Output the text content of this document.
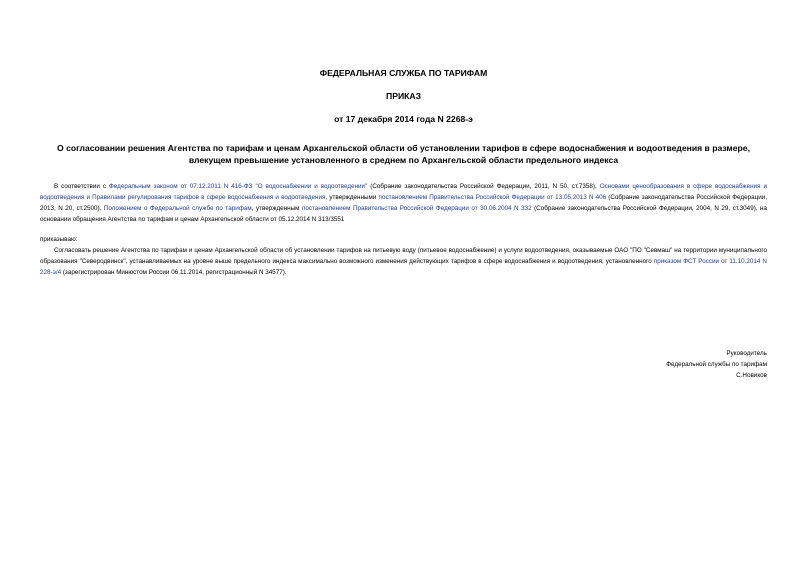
ФЕДЕРАЛЬНАЯ СЛУЖБА ПО ТАРИФАМ
ПРИКАЗ
от 17 декабря 2014 года N 2268-э
О согласовании решения Агентства по тарифам и ценам Архангельской области об установлении тарифов в сфере водоснабжения и водоотведения в размере,
влекущем превышение установленного в среднем по Архангельской области предельного индекса
В соответствии с Федеральным законом от 07.12.2011 N 416-ФЗ "О водоснабжении и водоотведении" (Собрание законодательства Российской Федерации, 2011, N 50, ст.7358), Основами ценообразования в сфере водоснабжения и водоотведения и Правилами регулирования тарифов в сфере водоснабжения и водоотведения, утвержденными постановлением Правительства Российской Федерации от 13.05.2013 N 406 (Собрание законодательства Российской Федерации, 2013, N 20, ст.2500), Положением о Федеральной службе по тарифам, утвержденным постановлением Правительства Российской Федерации от 30.06.2004 N 332 (Собрание законодательства Российской Федерации, 2004, N 29, ст.3049), на основании обращения Агентства по тарифам и ценам Архангельской области от 05.12.2014 N 313/3551
приказываю:
Согласовать решение Агентства по тарифам и ценам Архангельской области об установлении тарифов на питьевую воду (питьевое водоснабжение) и услуги водоотведения, оказываемые ОАО "ПО "Севмаш" на территории муниципального образования "Северодвинск", устанавливаемых на уровне выше предельного индекса максимально возможного изменения действующих тарифов в сфере водоснабжения и водоотведения, установленного приказом ФСТ России от 11.10.2014 N 228-э/4 (зарегистрирован Минюстом России 06.11.2014, регистрационный N 34577).
Руководитель
Федеральной службы по тарифам
С.Новиков
